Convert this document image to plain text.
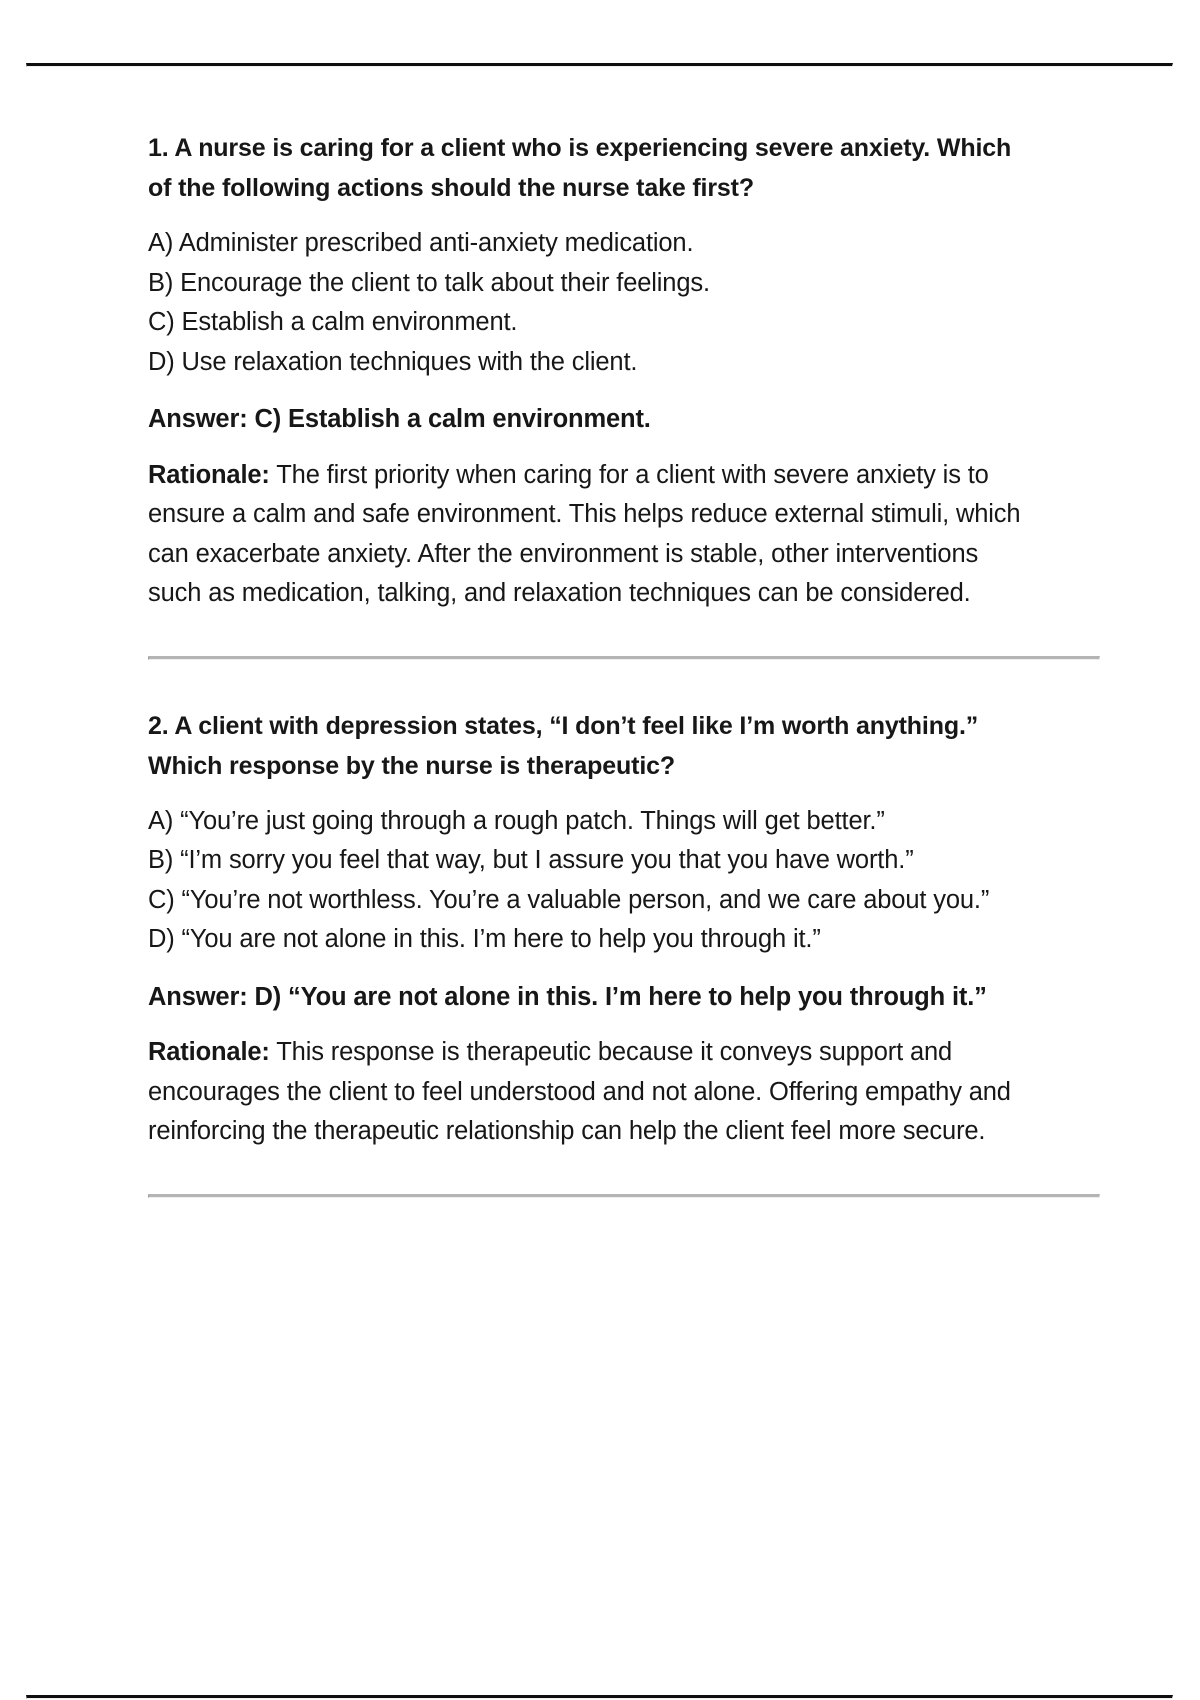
1. A nurse is caring for a client who is experiencing severe anxiety. Which of the following actions should the nurse take first?

A) Administer prescribed anti-anxiety medication.
B) Encourage the client to talk about their feelings.
C) Establish a calm environment.
D) Use relaxation techniques with the client.

Answer: C) Establish a calm environment.

Rationale: The first priority when caring for a client with severe anxiety is to ensure a calm and safe environment. This helps reduce external stimuli, which can exacerbate anxiety. After the environment is stable, other interventions such as medication, talking, and relaxation techniques can be considered.

2. A client with depression states, “I don’t feel like I’m worth anything.” Which response by the nurse is therapeutic?

A) “You’re just going through a rough patch. Things will get better.”
B) “I’m sorry you feel that way, but I assure you that you have worth.”
C) “You’re not worthless. You’re a valuable person, and we care about you.”
D) “You are not alone in this. I’m here to help you through it.”

Answer: D) “You are not alone in this. I’m here to help you through it.”

Rationale: This response is therapeutic because it conveys support and encourages the client to feel understood and not alone. Offering empathy and reinforcing the therapeutic relationship can help the client feel more secure.
